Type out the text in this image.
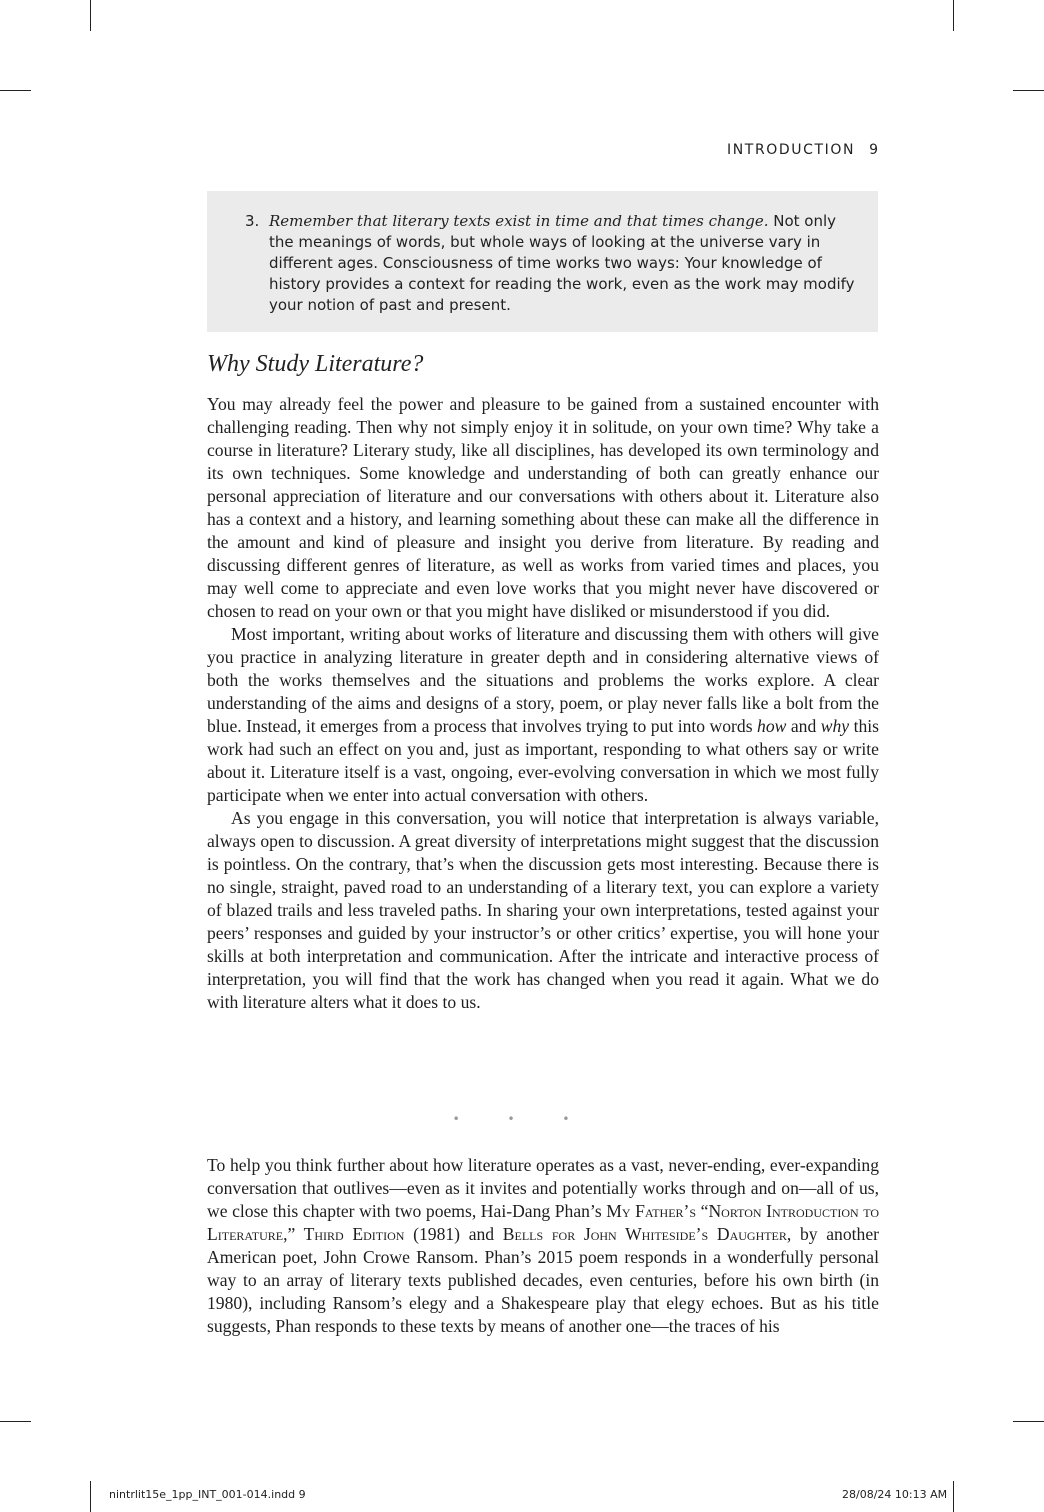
INTRODUCTION 9
3. Remember that literary texts exist in time and that times change. Not only the meanings of words, but whole ways of looking at the universe vary in different ages. Consciousness of time works two ways: Your knowledge of history provides a context for reading the work, even as the work may modify your notion of past and present.
Why Study Literature?

You may already feel the power and pleasure to be gained from a sustained encounter with challenging reading. Then why not simply enjoy it in solitude, on your own time? Why take a course in literature? Literary study, like all disciplines, has developed its own terminology and its own techniques. Some knowledge and understanding of both can greatly enhance our personal appreciation of literature and our conversations with others about it. Literature also has a context and a history, and learning something about these can make all the difference in the amount and kind of pleasure and insight you derive from literature. By reading and discussing different genres of literature, as well as works from varied times and places, you may well come to appreciate and even love works that you might never have discovered or chosen to read on your own or that you might have disliked or misunderstood if you did.

Most important, writing about works of literature and discussing them with others will give you practice in analyzing literature in greater depth and in considering alternative views of both the works themselves and the situations and problems the works explore. A clear understanding of the aims and designs of a story, poem, or play never falls like a bolt from the blue. Instead, it emerges from a process that involves trying to put into words how and why this work had such an effect on you and, just as important, responding to what others say or write about it. Literature itself is a vast, ongoing, ever-evolving conversation in which we most fully participate when we enter into actual conversation with others.

As you engage in this conversation, you will notice that interpretation is always variable, always open to discussion. A great diversity of interpretations might suggest that the discussion is pointless. On the contrary, that’s when the discussion gets most interesting. Because there is no single, straight, paved road to an understanding of a literary text, you can explore a variety of blazed trails and less traveled paths. In sharing your own interpretations, tested against your peers’ responses and guided by your instructor’s or other critics’ expertise, you will hone your skills at both interpretation and communication. After the intricate and interactive process of interpretation, you will find that the work has changed when you read it again. What we do with literature alters what it does to us.

• • •

To help you think further about how literature operates as a vast, never-ending, ever-expanding conversation that outlives—even as it invites and potentially works through and on—all of us, we close this chapter with two poems, Hai-Dang Phan’s My Father’s “Norton Introduction to Literature,” Third Edition (1981) and Bells for John Whiteside’s Daughter, by another American poet, John Crowe Ransom. Phan’s 2015 poem responds in a wonderfully personal way to an array of literary texts published decades, even centuries, before his own birth (in 1980), including Ransom’s elegy and a Shakespeare play that elegy echoes. But as his title suggests, Phan responds to these texts by means of another one—the traces of his

nintrlit15e_1pp_INT_001-014.indd 9	28/08/24 10:13 AM
